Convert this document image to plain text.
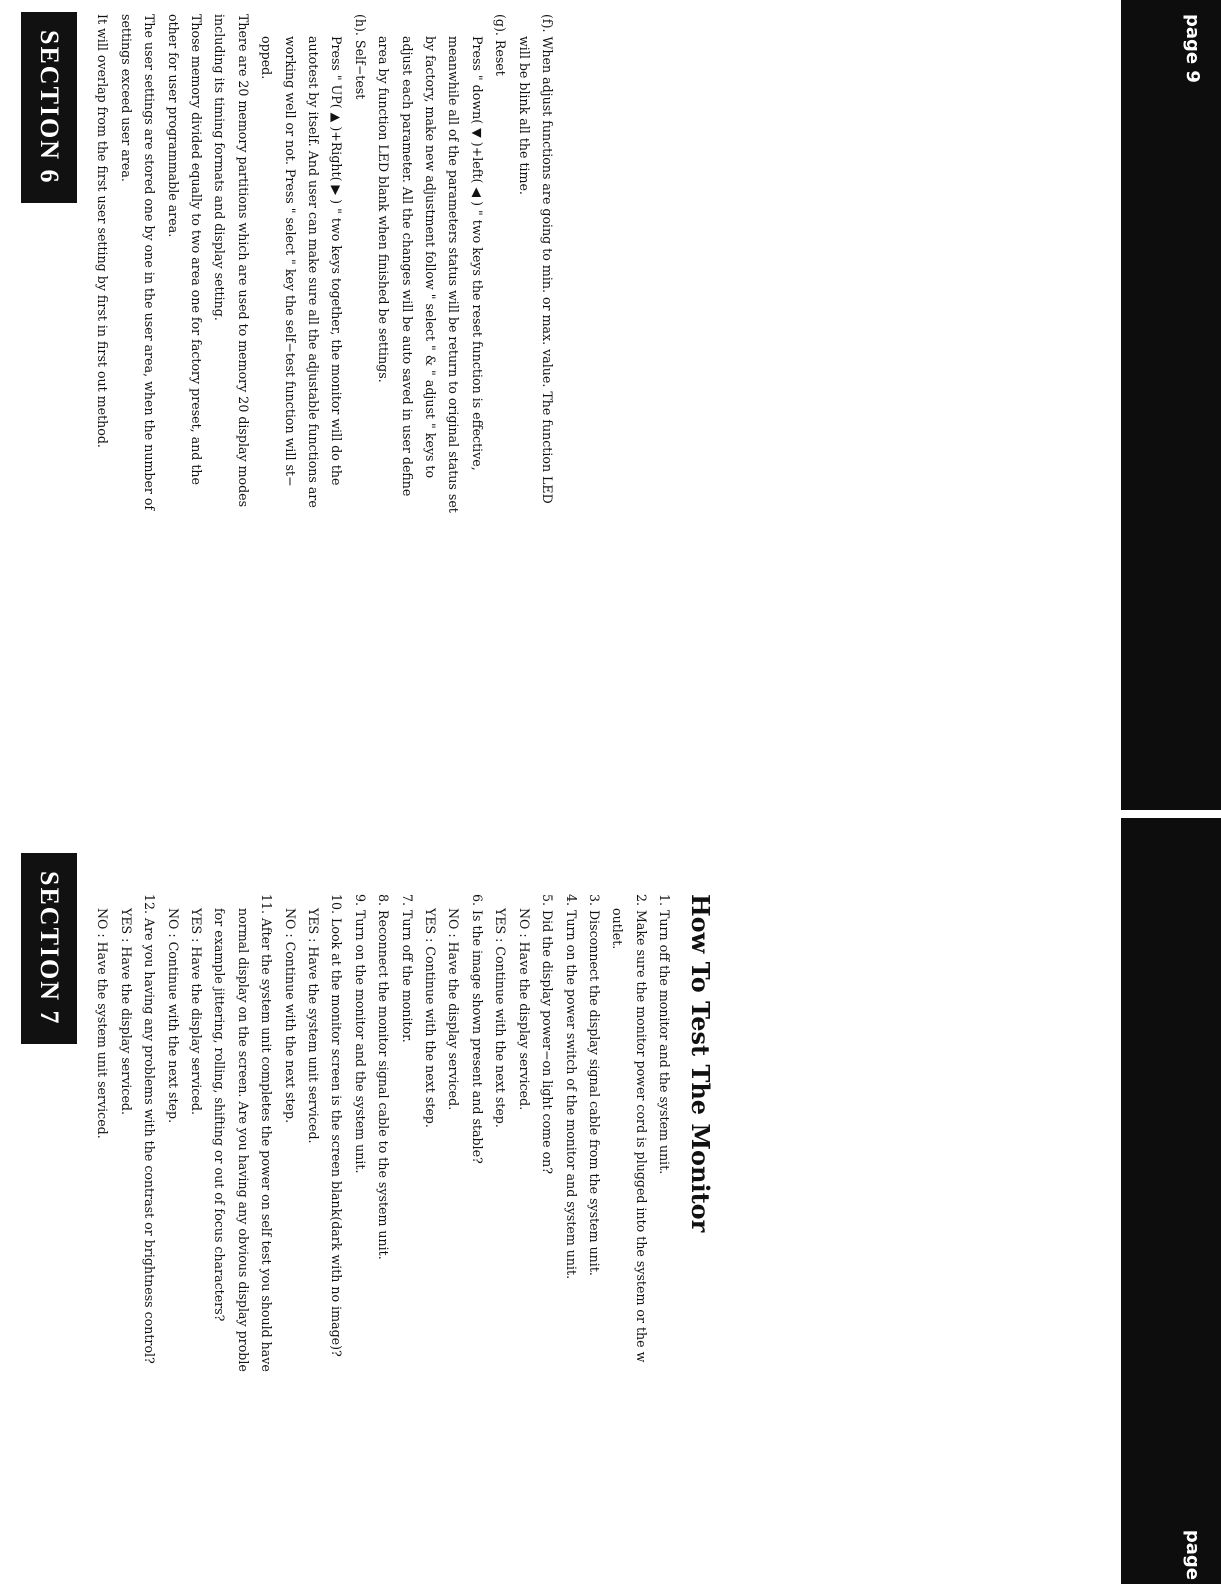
page 9
page
SECTION 6
SECTION 7

It will overlap from the first user setting by first in first out method. settings exceed user area. The user settings are stored one by one in the user area, when the number of other for user programmable area. Those memory divided equally to two area one for factory preset, and the including its timing formats and display setting. There are 20 memory partitions which are used to memory 20 display modes opped. working well or not. Press " select " key the self−test function will st− autotest by itself. And user can make sure all the adjustable functions are Press " UP( ▲ )+Right( ▶ ) " two keys together, the monitor will do the (h). Self−test area by function LED blank when finished be settings. adjust each parameter. All the changes will be auto saved in user define by factory, make new adjustment follow " select " & " adjust " keys to meanwhile all of the parameters status will be return to original status set Press " down( ▼ )+left( ◀ ) " two keys the reset function is effective, (g). Reset will be blink all the time. (f). When adjust functions are going to min. or max. value. The function LED

NO : Have the system unit serviced. YES : Have the display serviced. 12. Are you having any problems with the contrast or brightness control? NO : Continue with the next step. YES : Have the display serviced. for example jittering, rolling, shifting or out of focus characters? normal display on the screen. Are you having any obvious display proble 11. After the system unit completes the power on self test you should have NO : Continue with the next step. YES : Have the system unit serviced. 10. Look at the monitor screen is the screen blank(dark with no image)? 9. Turn on the monitor and the system unit. 8. Reconnect the monitor signal cable to the system unit. 7. Turn off the monitor. YES : Continue with the next step. NO : Have the display serviced. 6. Is the image shown present and stable? YES : Continue with the next step. NO : Have the display serviced. 5. Did the display power−on light come on? 4. Turn on the power switch of the monitor and system unit. 3. Disconnect the display signal cable from the system unit. outlet. 2. Make sure the monitor power cord is plugged into the system or the w 1. Turn off the monitor and the system unit. How To Test The Monitor
